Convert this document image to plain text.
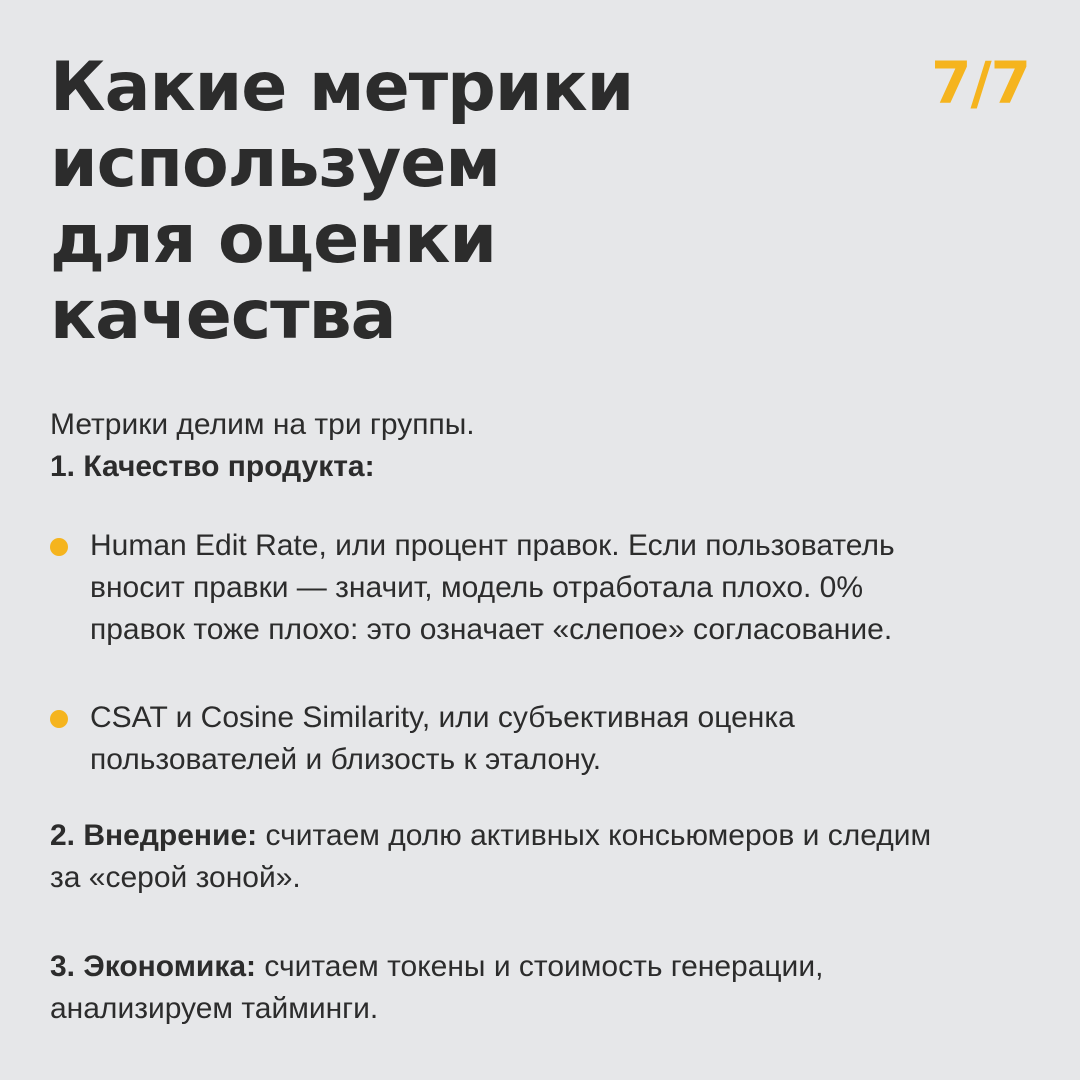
Какие метрики
используем
для оценки
качества
7/7
Метрики делим на три группы.
1. Качество продукта:
Human Edit Rate, или процент правок. Если пользователь
вносит правки — значит, модель отработала плохо. 0%
правок тоже плохо: это означает «слепое» согласование.
CSAT и Cosine Similarity, или субъективная оценка
пользователей и близость к эталону.
2. Внедрение: считаем долю активных консьюмеров и следим
за «серой зоной».
3. Экономика: считаем токены и стоимость генерации,
анализируем тайминги.
